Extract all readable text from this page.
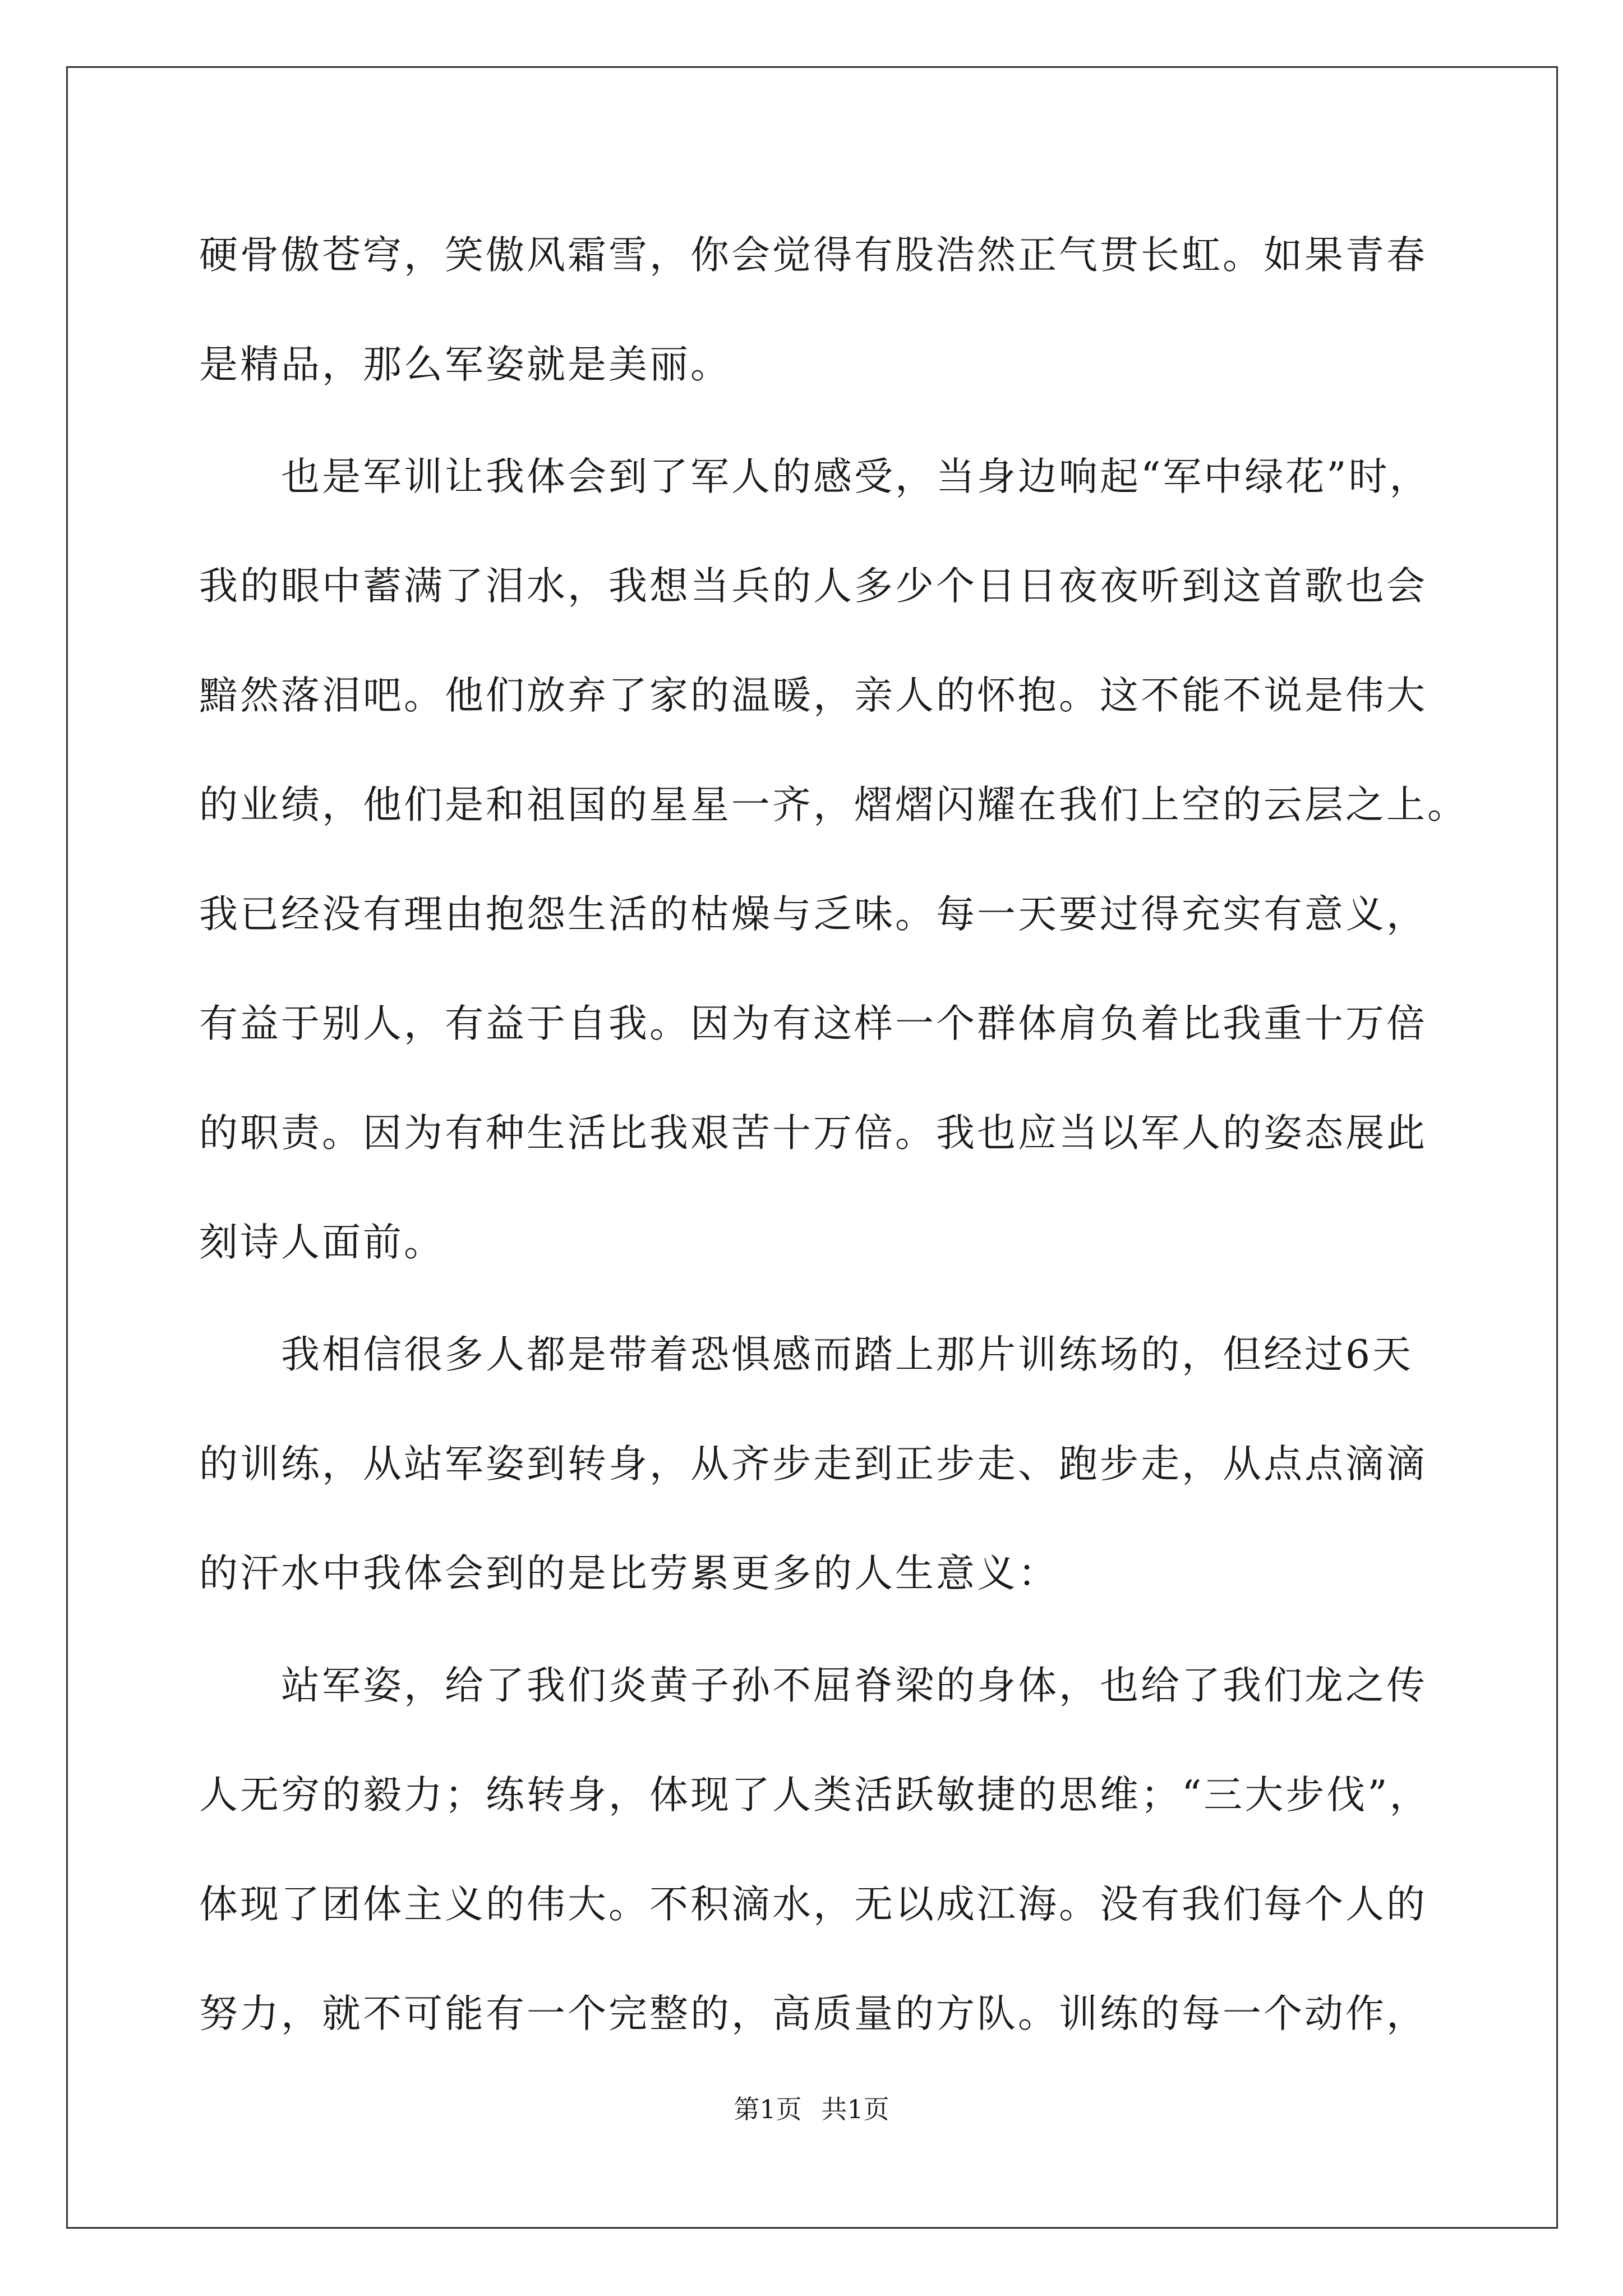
硬骨傲苍穹，笑傲风霜雪，你会觉得有股浩然正气贯长虹。如果青春
是精品，那么军姿就是美丽。
　　也是军训让我体会到了军人的感受，当身边响起“军中绿花”时，
我的眼中蓄满了泪水，我想当兵的人多少个日日夜夜听到这首歌也会
黯然落泪吧。他们放弃了家的温暖，亲人的怀抱。这不能不说是伟大
的业绩，他们是和祖国的星星一齐，熠熠闪耀在我们上空的云层之上。
我已经没有理由抱怨生活的枯燥与乏味。每一天要过得充实有意义，
有益于别人，有益于自我。因为有这样一个群体肩负着比我重十万倍
的职责。因为有种生活比我艰苦十万倍。我也应当以军人的姿态展此
刻诗人面前。
　　我相信很多人都是带着恐惧感而踏上那片训练场的，但经过6天
的训练，从站军姿到转身，从齐步走到正步走、跑步走，从点点滴滴
的汗水中我体会到的是比劳累更多的人生意义：
　　站军姿，给了我们炎黄子孙不屈脊梁的身体，也给了我们龙之传
人无穷的毅力；练转身，体现了人类活跃敏捷的思维；“三大步伐”，
体现了团体主义的伟大。不积滴水，无以成江海。没有我们每个人的
努力，就不可能有一个完整的，高质量的方队。训练的每一个动作，
第1页 共1页
